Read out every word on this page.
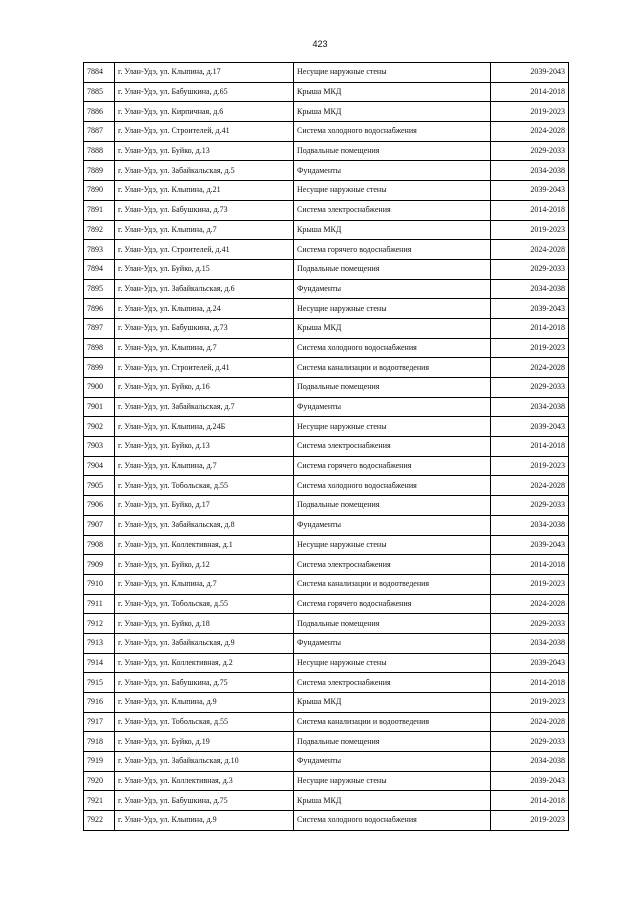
423
7884	г. Улан-Удэ, ул. Клыпина, д.17	Несущие наружные стены	2039-2043
7885	г. Улан-Удэ, ул. Бабушкина, д.65	Крыша МКД	2014-2018
7886	г. Улан-Удэ, ул. Кирпичная, д.6	Крыша МКД	2019-2023
7887	г. Улан-Удэ, ул. Строителей, д.41	Система холодного водоснабжения	2024-2028
7888	г. Улан-Удэ, ул. Буйко, д.13	Подвальные помещения	2029-2033
7889	г. Улан-Удэ, ул. Забайкальская, д.5	Фундаменты	2034-2038
7890	г. Улан-Удэ, ул. Клыпина, д.21	Несущие наружные стены	2039-2043
7891	г. Улан-Удэ, ул. Бабушкина, д.73	Система электроснабжения	2014-2018
7892	г. Улан-Удэ, ул. Клыпина, д.7	Крыша МКД	2019-2023
7893	г. Улан-Удэ, ул. Строителей, д.41	Система горячего водоснабжения	2024-2028
7894	г. Улан-Удэ, ул. Буйко, д.15	Подвальные помещения	2029-2033
7895	г. Улан-Удэ, ул. Забайкальская, д.6	Фундаменты	2034-2038
7896	г. Улан-Удэ, ул. Клыпина, д.24	Несущие наружные стены	2039-2043
7897	г. Улан-Удэ, ул. Бабушкина, д.73	Крыша МКД	2014-2018
7898	г. Улан-Удэ, ул. Клыпина, д.7	Система холодного водоснабжения	2019-2023
7899	г. Улан-Удэ, ул. Строителей, д.41	Система канализации и водоотведения	2024-2028
7900	г. Улан-Удэ, ул. Буйко, д.16	Подвальные помещения	2029-2033
7901	г. Улан-Удэ, ул. Забайкальская, д.7	Фундаменты	2034-2038
7902	г. Улан-Удэ, ул. Клыпина, д.24Б	Несущие наружные стены	2039-2043
7903	г. Улан-Удэ, ул. Буйко, д.13	Система электроснабжения	2014-2018
7904	г. Улан-Удэ, ул. Клыпина, д.7	Система горячего водоснабжения	2019-2023
7905	г. Улан-Удэ, ул. Тобольская, д.55	Система холодного водоснабжения	2024-2028
7906	г. Улан-Удэ, ул. Буйко, д.17	Подвальные помещения	2029-2033
7907	г. Улан-Удэ, ул. Забайкальская, д.8	Фундаменты	2034-2038
7908	г. Улан-Удэ, ул. Коллективная, д.1	Несущие наружные стены	2039-2043
7909	г. Улан-Удэ, ул. Буйко, д.12	Система электроснабжения	2014-2018
7910	г. Улан-Удэ, ул. Клыпина, д.7	Система канализации и водоотведения	2019-2023
7911	г. Улан-Удэ, ул. Тобольская, д.55	Система горячего водоснабжения	2024-2028
7912	г. Улан-Удэ, ул. Буйко, д.18	Подвальные помещения	2029-2033
7913	г. Улан-Удэ, ул. Забайкальская, д.9	Фундаменты	2034-2038
7914	г. Улан-Удэ, ул. Коллективная, д.2	Несущие наружные стены	2039-2043
7915	г. Улан-Удэ, ул. Бабушкина, д.75	Система электроснабжения	2014-2018
7916	г. Улан-Удэ, ул. Клыпина, д.9	Крыша МКД	2019-2023
7917	г. Улан-Удэ, ул. Тобольская, д.55	Система канализации и водоотведения	2024-2028
7918	г. Улан-Удэ, ул. Буйко, д.19	Подвальные помещения	2029-2033
7919	г. Улан-Удэ, ул. Забайкальская, д.10	Фундаменты	2034-2038
7920	г. Улан-Удэ, ул. Коллективная, д.3	Несущие наружные стены	2039-2043
7921	г. Улан-Удэ, ул. Бабушкина, д.75	Крыша МКД	2014-2018
7922	г. Улан-Удэ, ул. Клыпина, д.9	Система холодного водоснабжения	2019-2023
